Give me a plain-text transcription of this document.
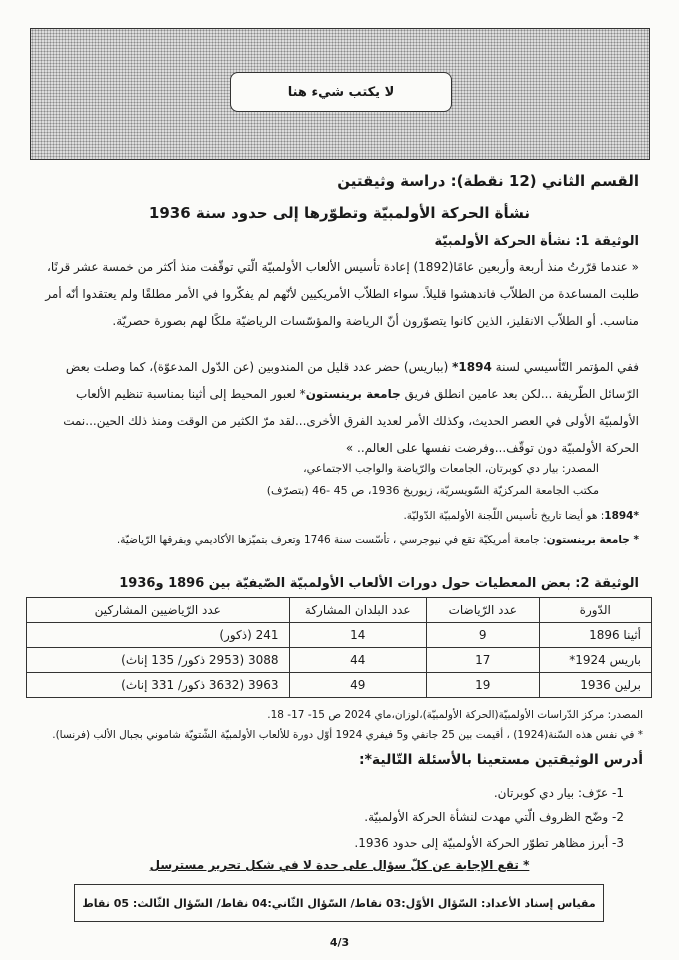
لا يكتب شيء هنا
القسم الثاني (12 نقطة): دراسة وثيقتين
نشأة الحركة الأولمبيّة وتطوّرها إلى حدود سنة 1936
الوثيقة 1: نشأة الحركة الأولمبيّة
« عندما قرّرتُ منذ أربعة وأربعين عامًا(1892) إعادة تأسيس الألعاب الأولمبيّة الّتي توقّفت منذ أكثر من خمسة عشر قرنًا، طلبت المساعدة من الطلاّب فاندهشوا قليلاً. سواء الطلاّب الأمريكيين لأنّهم لم يفكّروا في الأمر مطلقًا ولم يعتقدوا أنّه أمر مناسب. أو الطلاّب الانقليز، الذين كانوا يتصوّرون أنّ الرياضة والمؤسّسات الرياضيّة ملكًا لهم بصورة حصريّة.
ففي المؤتمر التّأسيسي لسنة 1894* (بباريس) حضر عدد قليل من المندوبين (عن الدّول المدعوّة)، كما وصلت بعض الرّسائل الطّريفة ...لكن بعد عامين انطلق فريق جامعة برينستون* لعبور المحيط إلى أثينا بمناسبة تنظيم الألعاب الأولمبيّة الأولى في العصر الحديث، وكذلك الأمر لعديد الفرق الأخرى...لقد مرّ الكثير من الوقت ومنذ ذلك الحين...نمت الحركة الأولمبيّة دون توقّف...وفرضت نفسها على العالم.. »
المصدر: بيار دي كوبرتان، الجامعات والرّياضة والواجب الاجتماعي،
مكتب الجامعة المركزيّة السّويسريّة، زيوريخ 1936، ص 45 -46 (بتصرّف)
*1894: هو أيضا تاريخ تأسيس اللّجنة الأولمبيّة الدّوليّة.
* جامعة برينستون: جامعة أمريكيّة تقع في نيوجرسي ، تأسّست سنة 1746 وتعرف بتميّزها الأكاديمي وبفرقها الرّياضيّة.
الوثيقة 2: بعض المعطيات حول دورات الألعاب الأولمبيّة الصّيفيّة بين 1896 و1936
الدّورة	عدد الرّياضات	عدد البلدان المشاركة	عدد الرّياضيين المشاركين
أثينا 1896	9	14	241 (ذكور)
باريس 1924*	17	44	3088 (2953 ذكور/ 135 إناث)
برلين 1936	19	49	3963 (3632 ذكور/ 331 إناث)
المصدر: مركز الدّراسات الأولمبيّة(الحركة الأولمبيّة)،لوزان،ماي 2024 ص 15- 17- 18.
* في نفس هذه السّنة(1924) ، أقيمت بين 25 جانفي و5 فيفري 1924 أوّل دورة للألعاب الأولمبيّة الشّتويّة شاموني بجبال الألب (فرنسا).
أدرس الوثيقتين مستعينا بالأسئلة التّالية*:
1- عرّف: بيار دي كوبرتان.
2- وضّح الظروف الّتي مهدت لنشأة الحركة الأولمبيّة.
3- أبرز مظاهر تطوّر الحركة الأولمبيّة إلى حدود 1936.
* تقع الإجابة عن كلّ سؤال على حدة لا في شكل تحرير مسترسل
مقياس إسناد الأعداد: السّؤال الأوّل:03 نقاط/ السّؤال الثّاني:04 نقاط/ السّؤال الثّالث: 05 نقاط
4/3
